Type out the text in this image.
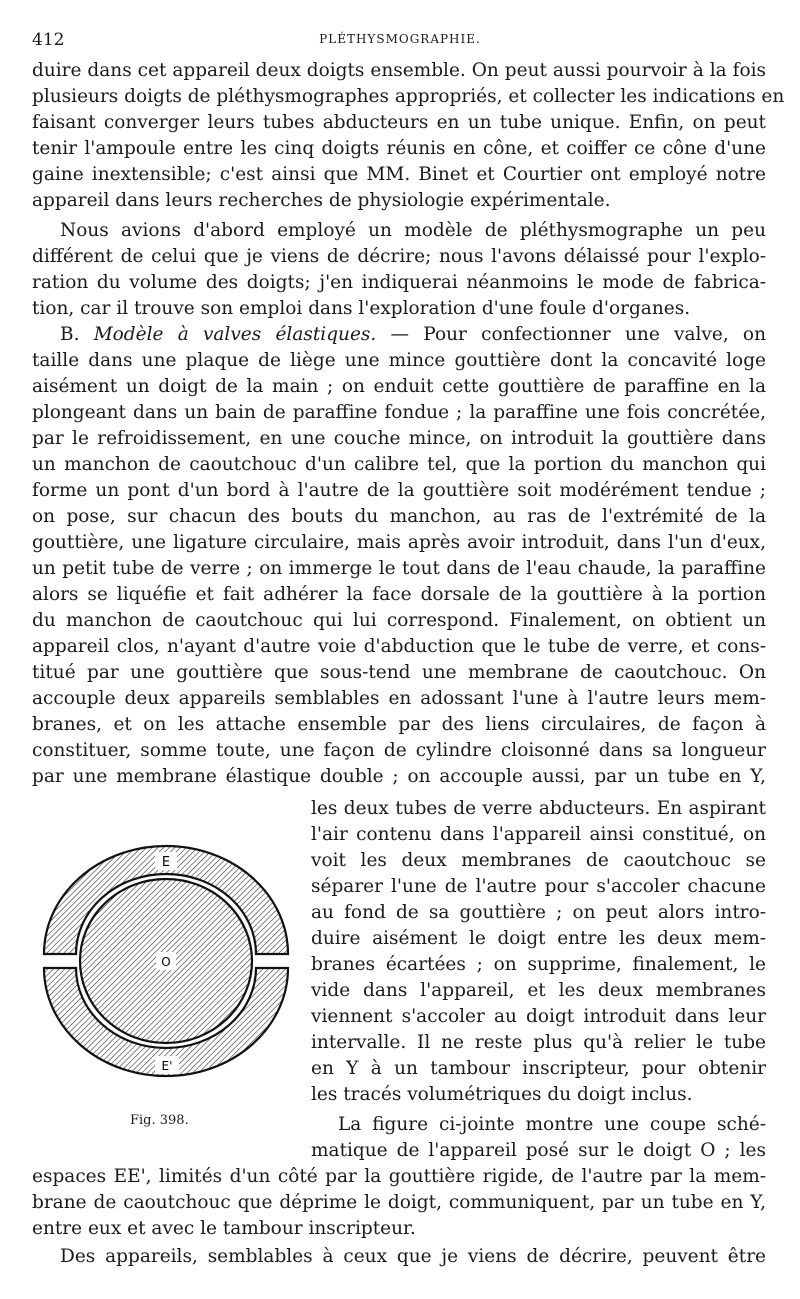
412	PLÉTHYSMOGRAPHIE.
duire dans cet appareil deux doigts ensemble. On peut aussi pourvoir à la fois
plusieurs doigts de pléthysmographes appropriés, et collecter les indications en
faisant converger leurs tubes abducteurs en un tube unique. Enfin, on peut
tenir l'ampoule entre les cinq doigts réunis en cône, et coiffer ce cône d'une
gaine inextensible; c'est ainsi que MM. Binet et Courtier ont employé notre
appareil dans leurs recherches de physiologie expérimentale.
Nous avions d'abord employé un modèle de pléthysmographe un peu
différent de celui que je viens de décrire; nous l'avons délaissé pour l'explo-
ration du volume des doigts; j'en indiquerai néanmoins le mode de fabrica-
tion, car il trouve son emploi dans l'exploration d'une foule d'organes.
B. Modèle à valves élastiques. — Pour confectionner une valve, on
taille dans une plaque de liège une mince gouttière dont la concavité loge
aisément un doigt de la main ; on enduit cette gouttière de paraffine en la
plongeant dans un bain de paraffine fondue ; la paraffine une fois concrétée,
par le refroidissement, en une couche mince, on introduit la gouttière dans
un manchon de caoutchouc d'un calibre tel, que la portion du manchon qui
forme un pont d'un bord à l'autre de la gouttière soit modérément tendue ;
on pose, sur chacun des bouts du manchon, au ras de l'extrémité de la
gouttière, une ligature circulaire, mais après avoir introduit, dans l'un d'eux,
un petit tube de verre ; on immerge le tout dans de l'eau chaude, la paraffine
alors se liquéfie et fait adhérer la face dorsale de la gouttière à la portion
du manchon de caoutchouc qui lui correspond. Finalement, on obtient un
appareil clos, n'ayant d'autre voie d'abduction que le tube de verre, et cons-
titué par une gouttière que sous-tend une membrane de caoutchouc. On
accouple deux appareils semblables en adossant l'une à l'autre leurs mem-
branes, et on les attache ensemble par des liens circulaires, de façon à
constituer, somme toute, une façon de cylindre cloisonné dans sa longueur
par une membrane élastique double ; on accouple aussi, par un tube en Y,
les deux tubes de verre abducteurs. En aspirant
l'air contenu dans l'appareil ainsi constitué, on
voit les deux membranes de caoutchouc se
séparer l'une de l'autre pour s'accoler chacune
au fond de sa gouttière ; on peut alors intro-
duire aisément le doigt entre les deux mem-
branes écartées ; on supprime, finalement, le
vide dans l'appareil, et les deux membranes
viennent s'accoler au doigt introduit dans leur
intervalle. Il ne reste plus qu'à relier le tube
en Y à un tambour inscripteur, pour obtenir
les tracés volumétriques du doigt inclus.
E
O
E'
Fig. 398.	La figure ci-jointe montre une coupe sché-
matique de l'appareil posé sur le doigt O ; les
espaces EE', limités d'un côté par la gouttière rigide, de l'autre par la mem-
brane de caoutchouc que déprime le doigt, communiquent, par un tube en Y,
entre eux et avec le tambour inscripteur.
Des appareils, semblables à ceux que je viens de décrire, peuvent être
